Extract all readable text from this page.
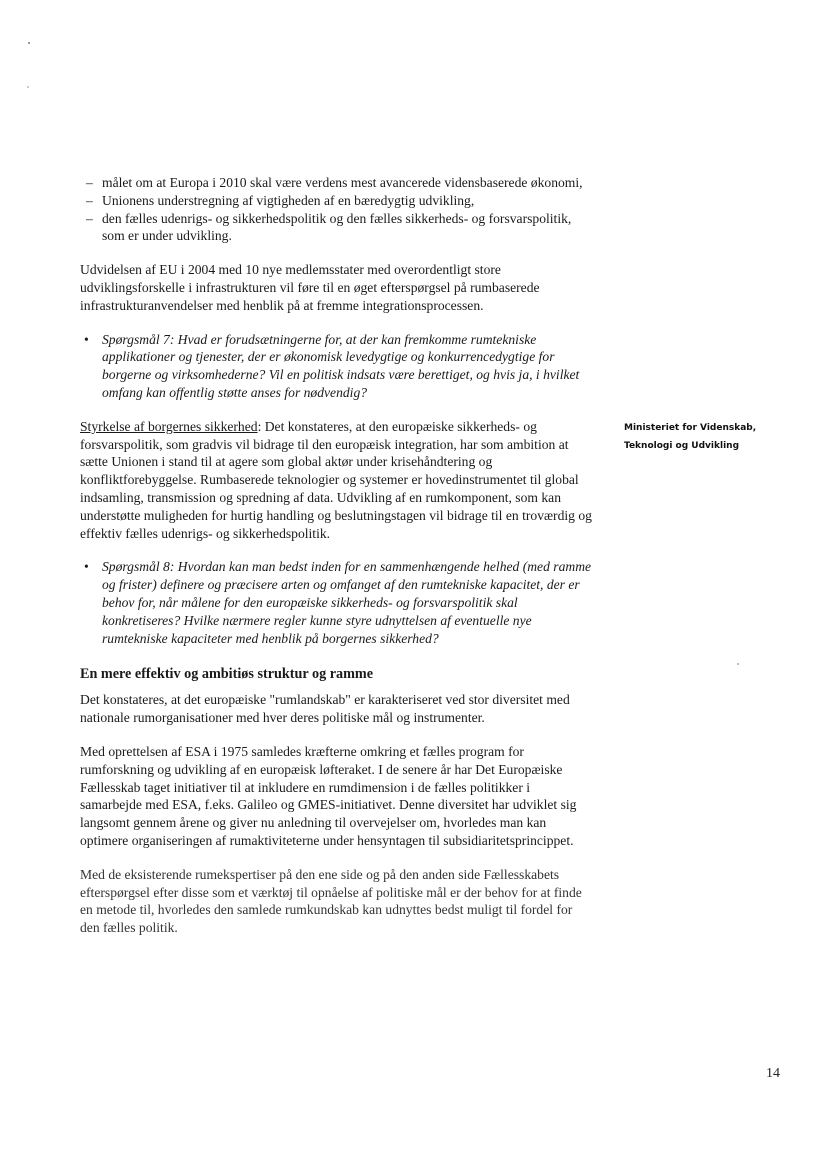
– målet om at Europa i 2010 skal være verdens mest avancerede vidensbaserede økonomi,
– Unionens understregning af vigtigheden af en bæredygtig udvikling,
– den fælles udenrigs- og sikkerhedspolitik og den fælles sikkerheds- og forsvarspolitik, som er under udvikling.

Udvidelsen af EU i 2004 med 10 nye medlemsstater med overordentligt store udviklingsforskelle i infrastrukturen vil føre til en øget efterspørgsel på rumbaserede infrastrukturanvendelser med henblik på at fremme integrationsprocessen.

• Spørgsmål 7: Hvad er forudsætningerne for, at der kan fremkomme rumtekniske applikationer og tjenester, der er økonomisk levedygtige og konkurrencedygtige for borgerne og virksomhederne? Vil en politisk indsats være berettiget, og hvis ja, i hvilket omfang kan offentlig støtte anses for nødvendig?

Styrkelse af borgernes sikkerhed: Det konstateres, at den europæiske sikkerheds- og forsvarspolitik, som gradvis vil bidrage til den europæisk integration, har som ambition at sætte Unionen i stand til at agere som global aktør under krisehåndtering og konfliktforebyggelse. Rumbaserede teknologier og systemer er hovedinstrumentet til global indsamling, transmission og spredning af data. Udvikling af en rumkomponent, som kan understøtte muligheden for hurtig handling og beslutningstagen vil bidrage til en troværdig og effektiv fælles udenrigs- og sikkerhedspolitik.

• Spørgsmål 8: Hvordan kan man bedst inden for en sammenhængende helhed (med ramme og frister) definere og præcisere arten og omfanget af den rumtekniske kapacitet, der er behov for, når målene for den europæiske sikkerheds- og forsvarspolitik skal konkretiseres? Hvilke nærmere regler kunne styre udnyttelsen af eventuelle nye rumtekniske kapaciteter med henblik på borgernes sikkerhed?
En mere effektiv og ambitiøs struktur og ramme

Det konstateres, at det europæiske "rumlandskab" er karakteriseret ved stor diversitet med nationale rumorganisationer med hver deres politiske mål og instrumenter.

Med oprettelsen af ESA i 1975 samledes kræfterne omkring et fælles program for rumforskning og udvikling af en europæisk løfteraket. I de senere år har Det Europæiske Fællesskab taget initiativer til at inkludere en rumdimension i de fælles politikker i samarbejde med ESA, f.eks. Galileo og GMES-initiativet. Denne diversitet har udviklet sig langsomt gennem årene og giver nu anledning til overvejelser om, hvorledes man kan optimere organiseringen af rumaktiviteterne under hensyntagen til subsidiaritetsprincippet.

Med de eksisterende rumekspertiser på den ene side og på den anden side Fællesskabets efterspørgsel efter disse som et værktøj til opnåelse af politiske mål er der behov for at finde en metode til, hvorledes den samlede rumkundskab kan udnyttes bedst muligt til fordel for den fælles politik.

Ministeriet for Videnskab,
Teknologi og Udvikling
14
